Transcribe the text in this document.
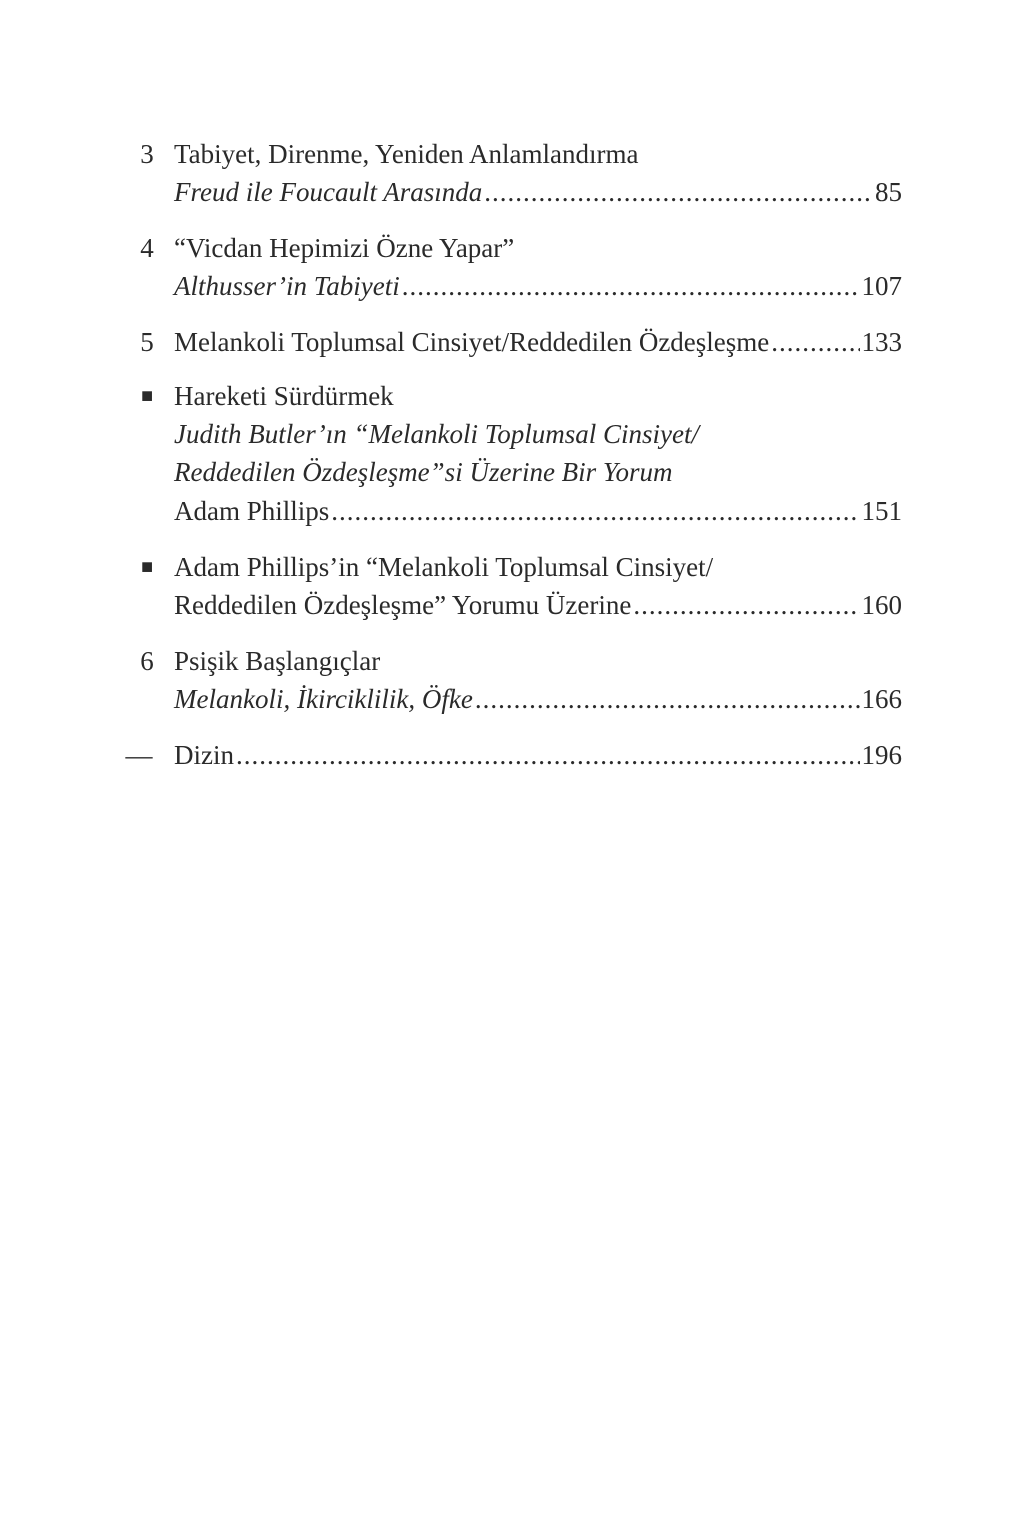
3 Tabiyet, Direnme, Yeniden Anlamlandırma
Freud ile Foucault Arasında .....	85
4 “Vicdan Hepimizi Özne Yapar”
Althusser’in Tabiyeti .....	107
5 Melankoli Toplumsal Cinsiyet/Reddedilen Özdeşleşme .....	133
■ Hareketi Sürdürmek
Judith Butler’ın “Melankoli Toplumsal Cinsiyet/
Reddedilen Özdeşleşme”si Üzerine Bir Yorum
Adam Phillips .....	151
■ Adam Phillips’in “Melankoli Toplumsal Cinsiyet/
Reddedilen Özdeşleşme” Yorumu Üzerine .....	160
6 Psişik Başlangıçlar
Melankoli, İkirciklilik, Öfke .....	166
— Dizin .....	196
